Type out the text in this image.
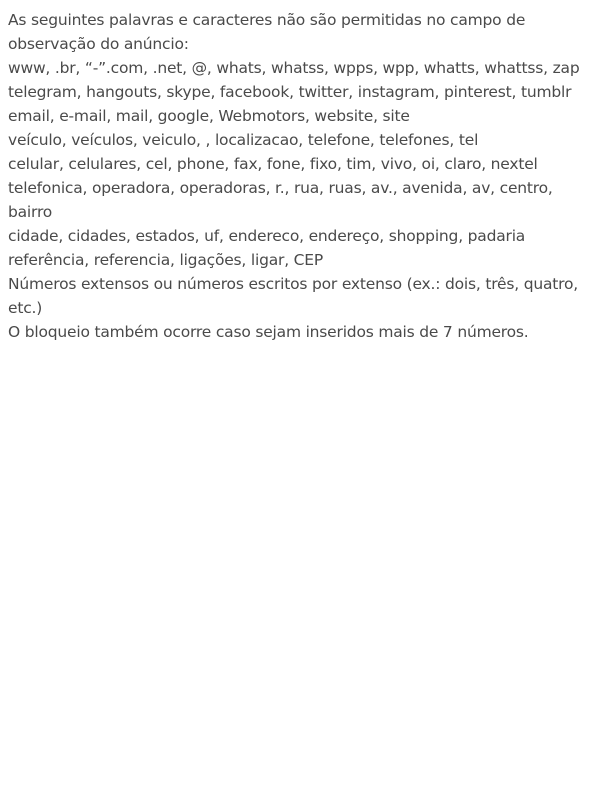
As seguintes palavras e caracteres não são permitidas no campo de observação do anúncio:
www, .br, “-”.com, .net, @, whats, whatss, wpps, wpp, whatts, whattss, zap
telegram, hangouts, skype, facebook, twitter, instagram, pinterest, tumblr
email, e-mail, mail, google, Webmotors, website, site
veículo, veículos, veiculo, , localizacao, telefone, telefones, tel
celular, celulares, cel, phone, fax, fone, fixo, tim, vivo, oi, claro, nextel
telefonica, operadora, operadoras, r., rua, ruas, av., avenida, av, centro, bairro
cidade, cidades, estados, uf, endereco, endereço, shopping, padaria
referência, referencia, ligações, ligar, CEP
Números extensos ou números escritos por extenso (ex.: dois, três, quatro, etc.)
O bloqueio também ocorre caso sejam inseridos mais de 7 números.
